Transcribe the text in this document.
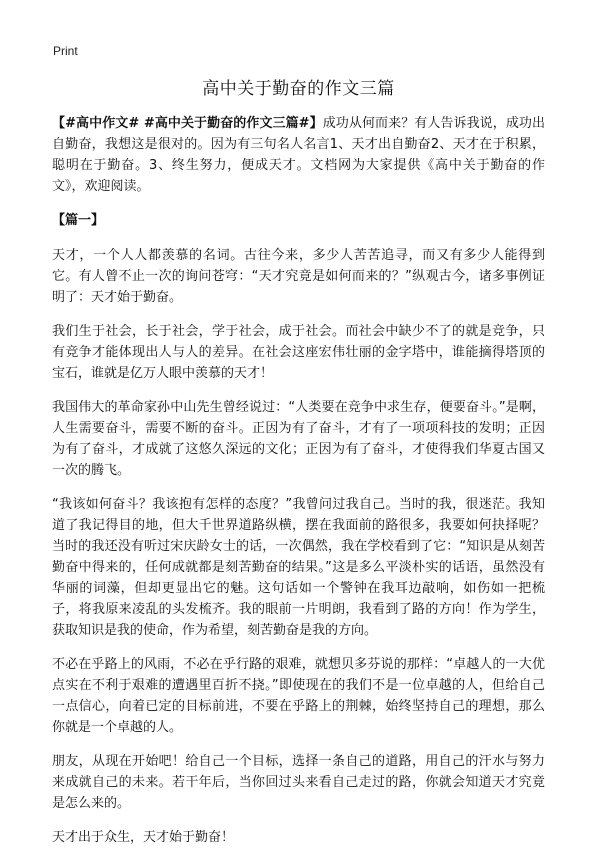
Print
高中关于勤奋的作文三篇

【#高中作文# #高中关于勤奋的作文三篇#】成功从何而来？有人告诉我说，成功出自勤奋，我想这是很对的。因为有三句名人名言1、天才出自勤奋2、天才在于积累，聪明在于勤奋。3、终生努力，便成天才。文档网为大家提供《高中关于勤奋的作文》，欢迎阅读。

【篇一】

天才，一个人人都羡慕的名词。古往今来，多少人苦苦追寻，而又有多少人能得到它。有人曾不止一次的询问苍穹：“天才究竟是如何而来的？”纵观古今，诸多事例证明了：天才始于勤奋。

我们生于社会，长于社会，学于社会，成于社会。而社会中缺少不了的就是竞争，只有竞争才能体现出人与人的差异。在社会这座宏伟壮丽的金字塔中，谁能摘得塔顶的宝石，谁就是亿万人眼中羡慕的天才！

我国伟大的革命家孙中山先生曾经说过：“人类要在竞争中求生存，便要奋斗。”是啊，人生需要奋斗，需要不断的奋斗。正因为有了奋斗，才有了一项项科技的发明；正因为有了奋斗，才成就了这悠久深远的文化；正因为有了奋斗，才使得我们华夏古国又一次的腾飞。

“我该如何奋斗？我该抱有怎样的态度？”我曾问过我自己。当时的我，很迷茫。我知道了我记得目的地，但大千世界道路纵横，摆在我面前的路很多，我要如何抉择呢？当时的我还没有听过宋庆龄女士的话，一次偶然，我在学校看到了它：“知识是从刻苦勤奋中得来的，任何成就都是刻苦勤奋的结果。”这是多么平淡朴实的话语，虽然没有华丽的词藻，但却更显出它的魅。这句话如一个警钟在我耳边敲响，如伤如一把梳子，将我原来凌乱的头发梳齐。我的眼前一片明朗，我看到了路的方向！作为学生，获取知识是我的使命，作为希望，刻苦勤奋是我的方向。

不必在乎路上的风雨，不必在乎行路的艰难，就想贝多芬说的那样：“卓越人的一大优点实在不利于艰难的遭遇里百折不挠。”即使现在的我们不是一位卓越的人，但给自己一点信心，向着已定的目标前进，不要在乎路上的荆棘，始终坚持自己的理想，那么你就是一个卓越的人。

朋友，从现在开始吧！给自己一个目标，选择一条自己的道路，用自己的汗水与努力来成就自己的未来。若干年后，当你回过头来看自己走过的路，你就会知道天才究竟是怎么来的。

天才出于众生，天才始于勤奋！
